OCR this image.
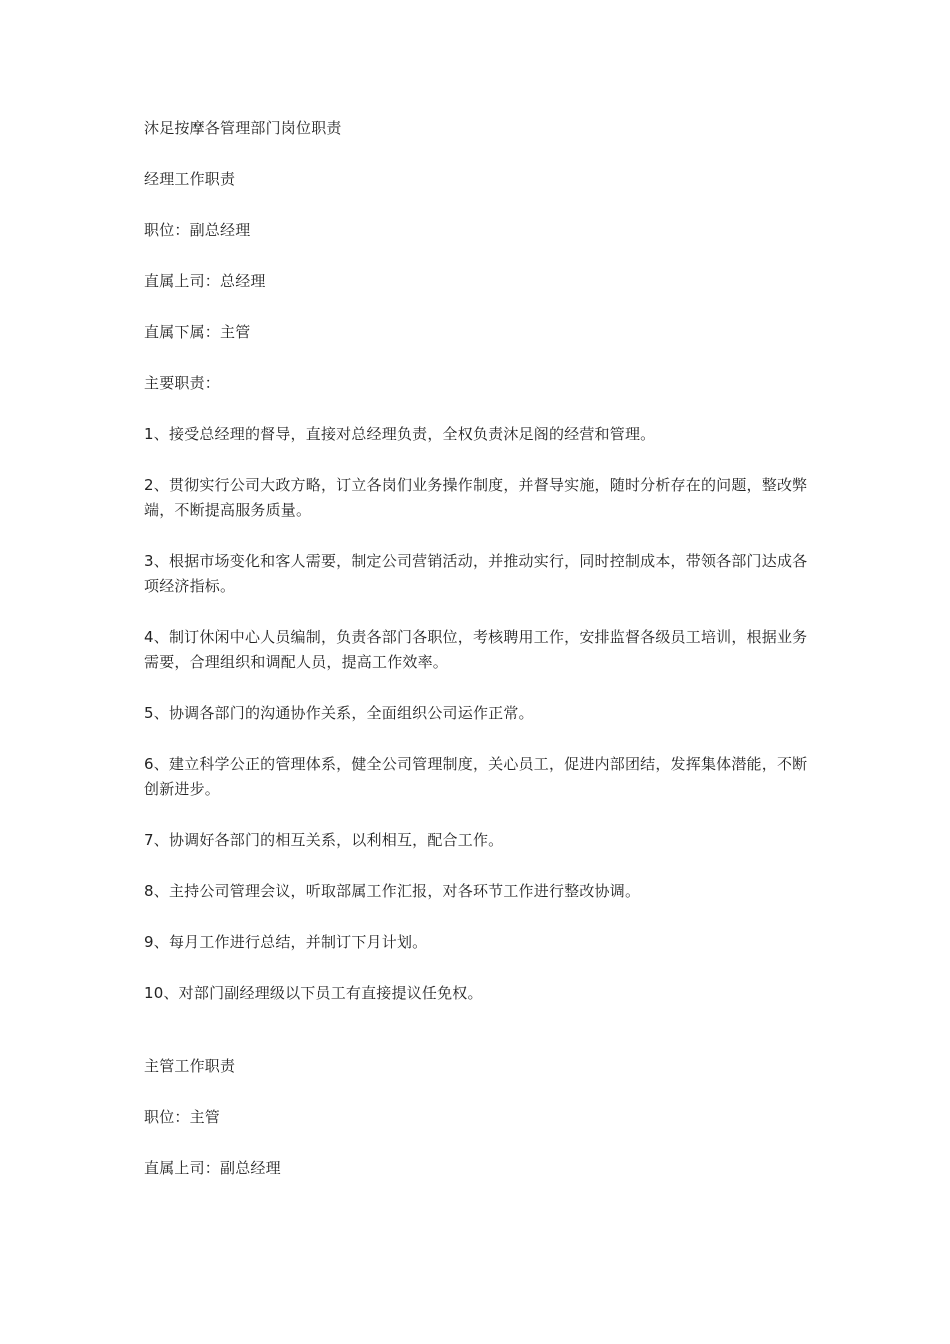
沐足按摩各管理部门岗位职责

经理工作职责

职位：副总经理

直属上司：总经理

直属下属：主管

主要职责：

1、接受总经理的督导，直接对总经理负责，全权负责沐足阁的经营和管理。

2、贯彻实行公司大政方略，订立各岗们业务操作制度，并督导实施，随时分析存在的问题，整改弊端，不断提高服务质量。

3、根据市场变化和客人需要，制定公司营销活动，并推动实行，同时控制成本，带领各部门达成各项经济指标。

4、制订休闲中心人员编制，负责各部门各职位，考核聘用工作，安排监督各级员工培训，根据业务需要，合理组织和调配人员，提高工作效率。

5、协调各部门的沟通协作关系，全面组织公司运作正常。

6、建立科学公正的管理体系，健全公司管理制度，关心员工，促进内部团结，发挥集体潜能，不断创新进步。

7、协调好各部门的相互关系，以利相互，配合工作。

8、主持公司管理会议，听取部属工作汇报，对各环节工作进行整改协调。

9、每月工作进行总结，并制订下月计划。

10、对部门副经理级以下员工有直接提议任免权。

主管工作职责

职位：主管

直属上司：副总经理
